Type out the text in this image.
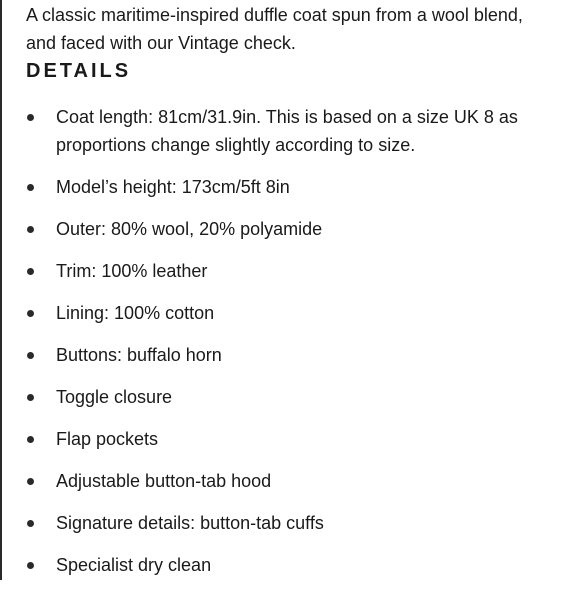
A classic maritime-inspired duffle coat spun from a wool blend, and faced with our Vintage check.

DETAILS
Coat length: 81cm/31.9in. This is based on a size UK 8 as proportions change slightly according to size.
Model’s height: 173cm/5ft 8in
Outer: 80% wool, 20% polyamide
Trim: 100% leather
Lining: 100% cotton
Buttons: buffalo horn
Toggle closure
Flap pockets
Adjustable button-tab hood
Signature details: button-tab cuffs
Specialist dry clean
